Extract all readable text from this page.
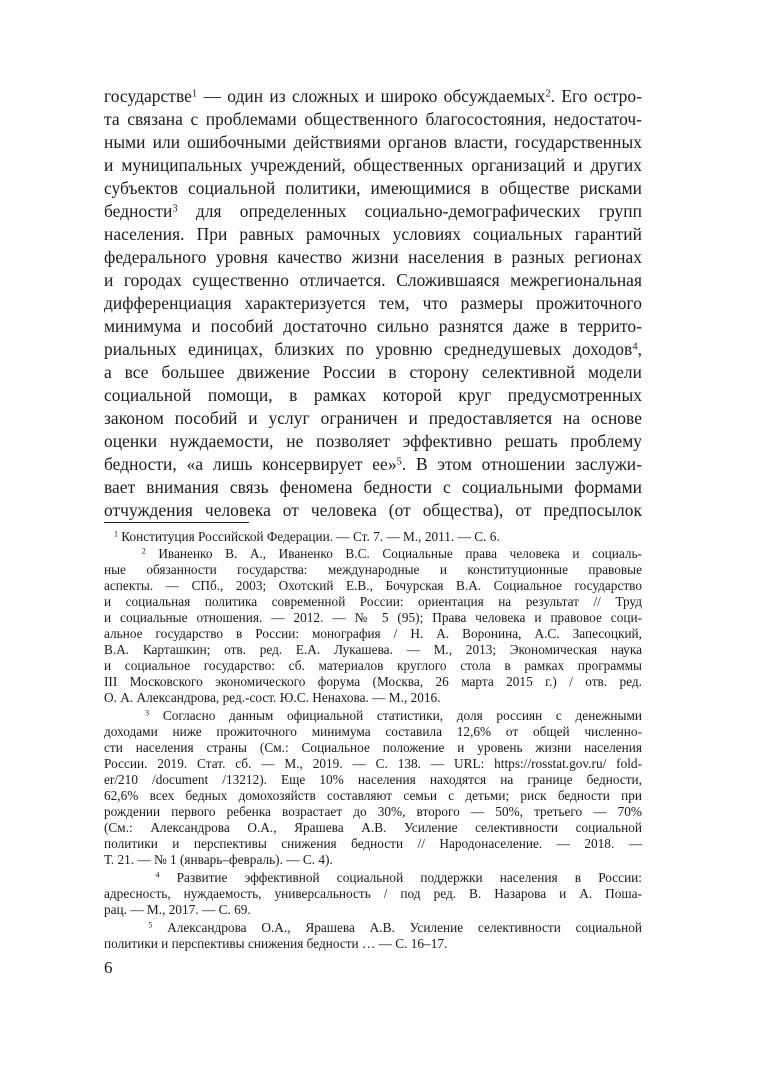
государстве$^1$ — один из сложных и широко обсуждаемых$^2$. Его остро-
та связана с проблемами общественного благосостояния, недостаточ-
ными или ошибочными действиями органов власти, государственных
и муниципальных учреждений, общественных организаций и других
субъектов социальной политики, имеющимися в обществе рисками
бедности$^3$ для определенных социально-демографических групп
населения. При равных рамочных условиях социальных гарантий
федерального уровня качество жизни населения в разных регионах
и городах существенно отличается. Сложившаяся межрегиональная
дифференциация характеризуется тем, что размеры прожиточного
минимума и пособий достаточно сильно разнятся даже в террито-
риальных единицах, близких по уровню среднедушевых доходов$^4$,
а все большее движение России в сторону селективной модели
социальной помощи, в рамках которой круг предусмотренных
законом пособий и услуг ограничен и предоставляется на основе
оценки нуждаемости, не позволяет эффективно решать проблему
бедности, «а лишь консервирует ее»$^5$. В этом отношении заслужи-
вает внимания связь феномена бедности с социальными формами
отчуждения человека от человека (от общества), от предпосылок
$^1$ Конституция Российской Федерации. — Ст. 7. — М., 2011. — С. 6.
$^2$ Иваненко В. А., Иваненко В.С. Социальные права человека и социаль-
ные обязанности государства: международные и конституционные правовые
аспекты. — СПб., 2003; Охотский Е.В., Бочурская В.А. Социальное государство
и социальная политика современной России: ориентация на результат // Труд
и социальные отношения. — 2012. — № 5 (95); Права человека и правовое соци-
альное государство в России: монография / Н. А. Воронина, А.С. Запесоцкий,
В.А. Карташкин; отв. ред. Е.А. Лукашева. — М., 2013; Экономическая наука
и социальное государство: сб. материалов круглого стола в рамках программы
III Московского экономического форума (Москва, 26 марта 2015 г.) / отв. ред.
О. А. Александрова, ред.-сост. Ю.С. Ненахова. — М., 2016.
$^3$ Согласно данным официальной статистики, доля россиян с денежными
доходами ниже прожиточного минимума составила 12,6% от общей численно-
сти населения страны (См.: Социальное положение и уровень жизни населения
России. 2019. Стат. сб. — М., 2019. — С. 138. — URL: https://rosstat.gov.ru/ fold-
er/210 /document /13212). Еще 10% населения находятся на границе бедности,
62,6% всех бедных домохозяйств составляют семьи с детьми; риск бедности при
рождении первого ребенка возрастает до 30%, второго — 50%, третьего — 70%
(См.: Александрова О.А., Ярашева А.В. Усиление селективности социальной
политики и перспективы снижения бедности // Народонаселение. — 2018. —
Т. 21. — № 1 (январь–февраль). — С. 4).
$^4$ Развитие эффективной социальной поддержки населения в России:
адресность, нуждаемость, универсальность / под ред. В. Назарова и А. Пошa-
рац. — М., 2017. — С. 69.
$^5$ Александрова О.А., Ярашева А.В. Усиление селективности социальной
политики и перспективы снижения бедности … — С. 16–17.
6
